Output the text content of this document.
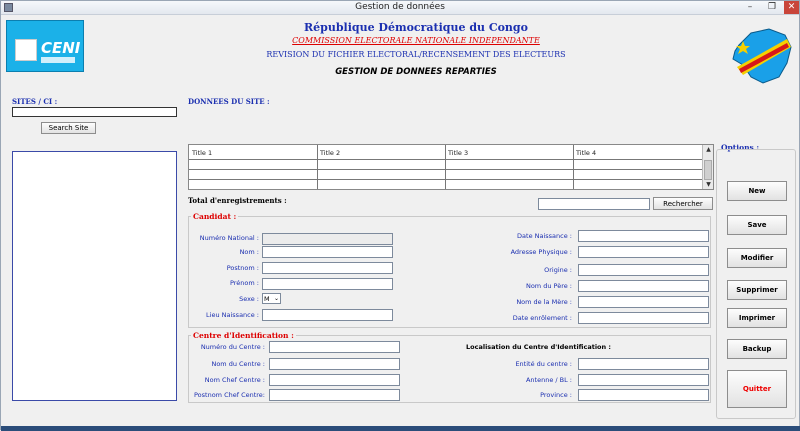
Gestion de données	–	❐	✕
CENI
République Démocratique du Congo
COMMISSION ELECTORALE NATIONALE INDEPENDANTE
REVISION DU FICHIER ELECTORAL/RECENSEMENT DES ELECTEURS
GESTION DE DONNEES REPARTIES
SITES / CI :
Search Site
DONNEES DU SITE :
Title 1	Title 2	Title 3	Title 4	▲
▼
Total d'enregistrements :	Rechercher
Candidat :
Numéro National :
Nom :
Postnom :
Prénom :
Sexe : M ⌄
Lieu Naissance :
Date Naissance :
Adresse Physique :
Origine :
Nom du Père :
Nom de la Mère :
Date enrôlement :
Centre d'Identification :
Numéro du Centre :
Nom du Centre :
Nom Chef Centre :
Postnom Chef Centre:
Localisation du Centre d'Identification :
Entité du centre :
Antenne / BL :
Province :
Options :
New
Save
Modifier
Supprimer
Imprimer
Backup
Quitter
